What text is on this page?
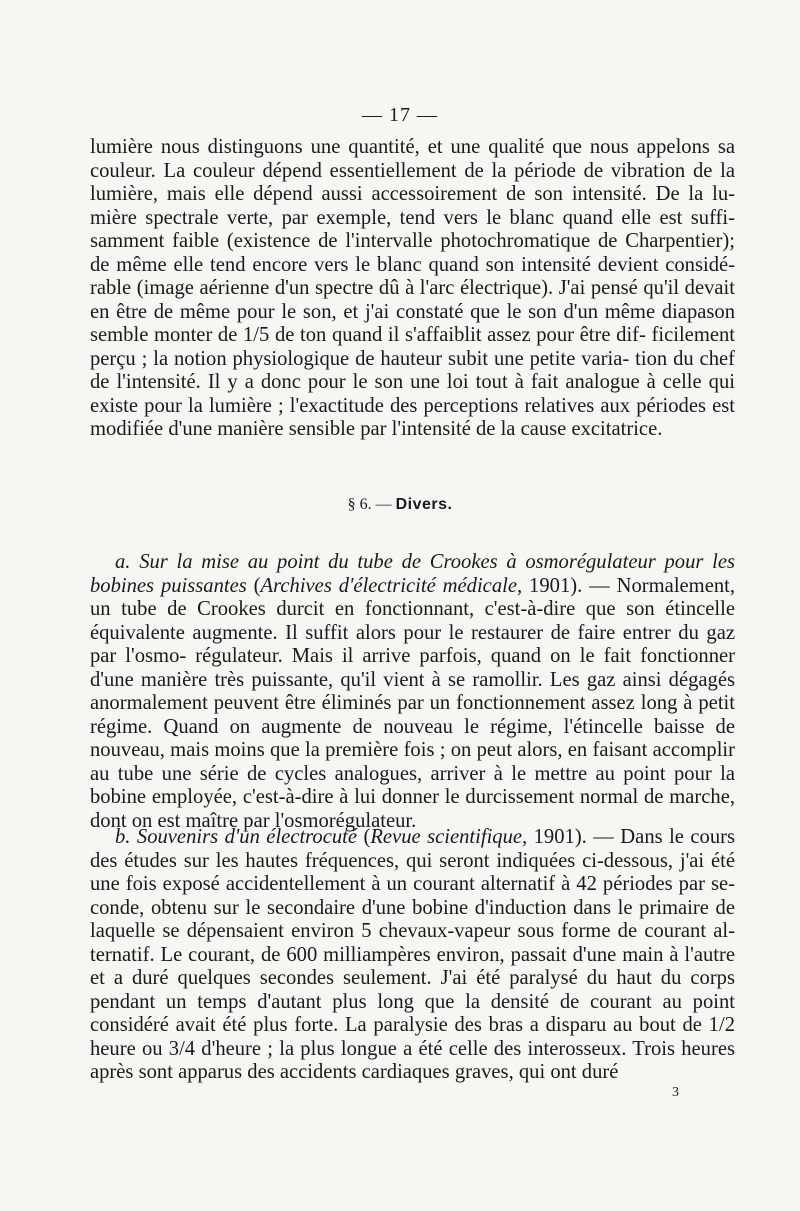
— 17 —
lumière nous distinguons une quantité, et une qualité que nous appelons sa couleur. La couleur dépend essentiellement de la période de vibration de la lumière, mais elle dépend aussi accessoirement de son intensité. De la lu- mière spectrale verte, par exemple, tend vers le blanc quand elle est suffi- samment faible (existence de l'intervalle photochromatique de Charpentier); de même elle tend encore vers le blanc quand son intensité devient considé- rable (image aérienne d'un spectre dû à l'arc électrique). J'ai pensé qu'il devait en être de même pour le son, et j'ai constaté que le son d'un même diapason semble monter de 1/5 de ton quand il s'affaiblit assez pour être dif- ficilement perçu ; la notion physiologique de hauteur subit une petite varia- tion du chef de l'intensité. Il y a donc pour le son une loi tout à fait analogue à celle qui existe pour la lumière ; l'exactitude des perceptions relatives aux périodes est modifiée d'une manière sensible par l'intensité de la cause excitatrice.
§ 6. — Divers.
a. Sur la mise au point du tube de Crookes à osmorégulateur pour les bobines puissantes (Archives d'électricité médicale, 1901). — Normalement, un tube de Crookes durcit en fonctionnant, c'est-à-dire que son étincelle équivalente augmente. Il suffit alors pour le restaurer de faire entrer du gaz par l'osmo- régulateur. Mais il arrive parfois, quand on le fait fonctionner d'une manière très puissante, qu'il vient à se ramollir. Les gaz ainsi dégagés anormalement peuvent être éliminés par un fonctionnement assez long à petit régime. Quand on augmente de nouveau le régime, l'étincelle baisse de nouveau, mais moins que la première fois ; on peut alors, en faisant accomplir au tube une série de cycles analogues, arriver à le mettre au point pour la bobine employée, c'est-à-dire à lui donner le durcissement normal de marche, dont on est maître par l'osmorégulateur.
b. Souvenirs d'un électrocuté (Revue scientifique, 1901). — Dans le cours des études sur les hautes fréquences, qui seront indiquées ci-dessous, j'ai été une fois exposé accidentellement à un courant alternatif à 42 périodes par se- conde, obtenu sur le secondaire d'une bobine d'induction dans le primaire de laquelle se dépensaient environ 5 chevaux-vapeur sous forme de courant al- ternatif. Le courant, de 600 milliampères environ, passait d'une main à l'autre et a duré quelques secondes seulement. J'ai été paralysé du haut du corps pendant un temps d'autant plus long que la densité de courant au point considéré avait été plus forte. La paralysie des bras a disparu au bout de 1/2 heure ou 3/4 d'heure ; la plus longue a été celle des interosseux. Trois heures après sont apparus des accidents cardiaques graves, qui ont duré
3
